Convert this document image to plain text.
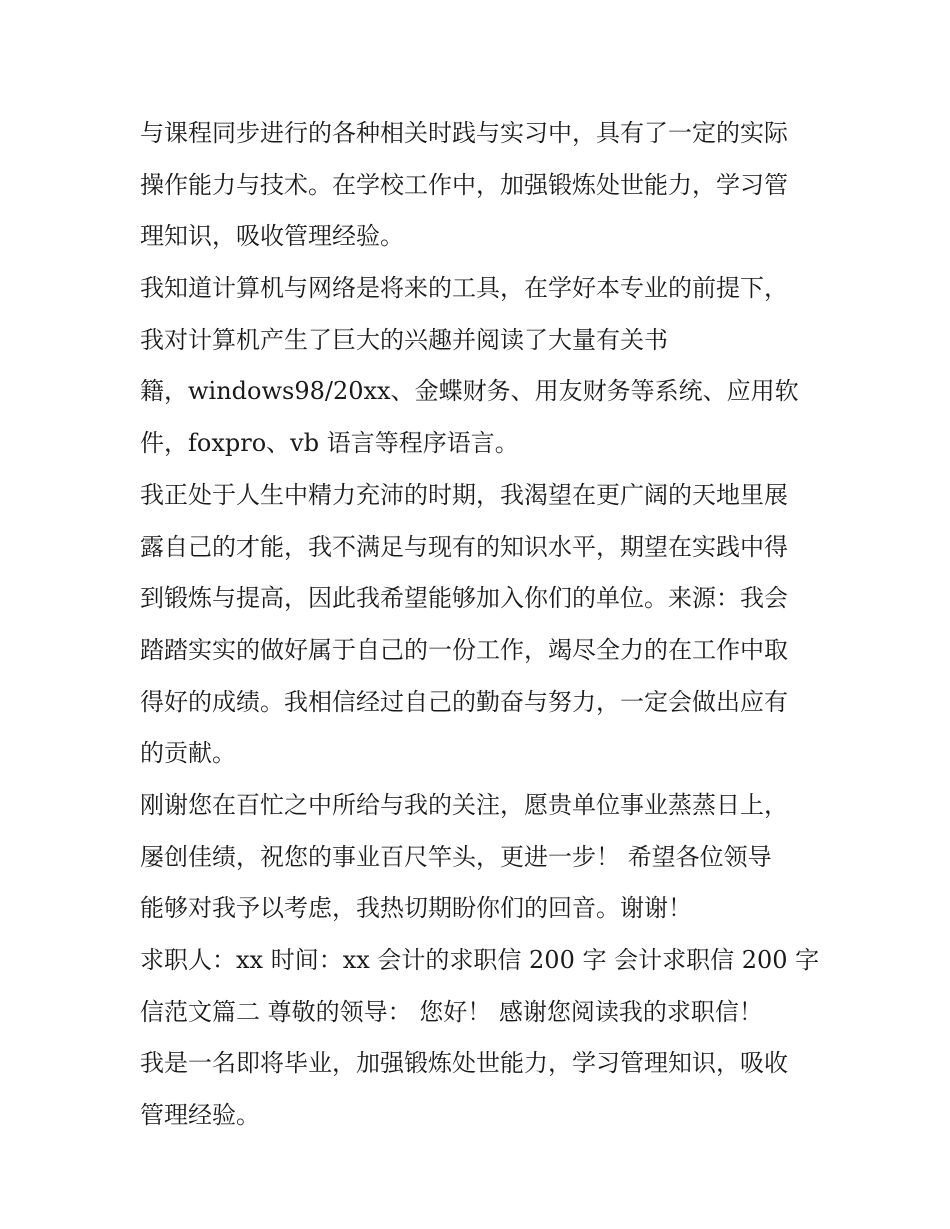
与课程同步进行的各种相关时践与实习中，具有了一定的实际
操作能力与技术。在学校工作中，加强锻炼处世能力，学习管
理知识，吸收管理经验。
我知道计算机与网络是将来的工具，在学好本专业的前提下，
我对计算机产生了巨大的兴趣并阅读了大量有关书
籍，windows98/20xx、金蝶财务、用友财务等系统、应用软
件，foxpro、vb 语言等程序语言。
我正处于人生中精力充沛的时期，我渴望在更广阔的天地里展
露自己的才能，我不满足与现有的知识水平，期望在实践中得
到锻炼与提高，因此我希望能够加入你们的单位。来源：我会
踏踏实实的做好属于自己的一份工作，竭尽全力的在工作中取
得好的成绩。我相信经过自己的勤奋与努力，一定会做出应有
的贡献。
刚谢您在百忙之中所给与我的关注，愿贵单位事业蒸蒸日上，
屡创佳绩，祝您的事业百尺竿头，更进一步！ 希望各位领导
能够对我予以考虑，我热切期盼你们的回音。谢谢！
求职人：xx 时间：xx 会计的求职信 200 字 会计求职信 200 字
信范文篇二 尊敬的领导： 您好！ 感谢您阅读我的求职信！
我是一名即将毕业，加强锻炼处世能力，学习管理知识，吸收
管理经验。
